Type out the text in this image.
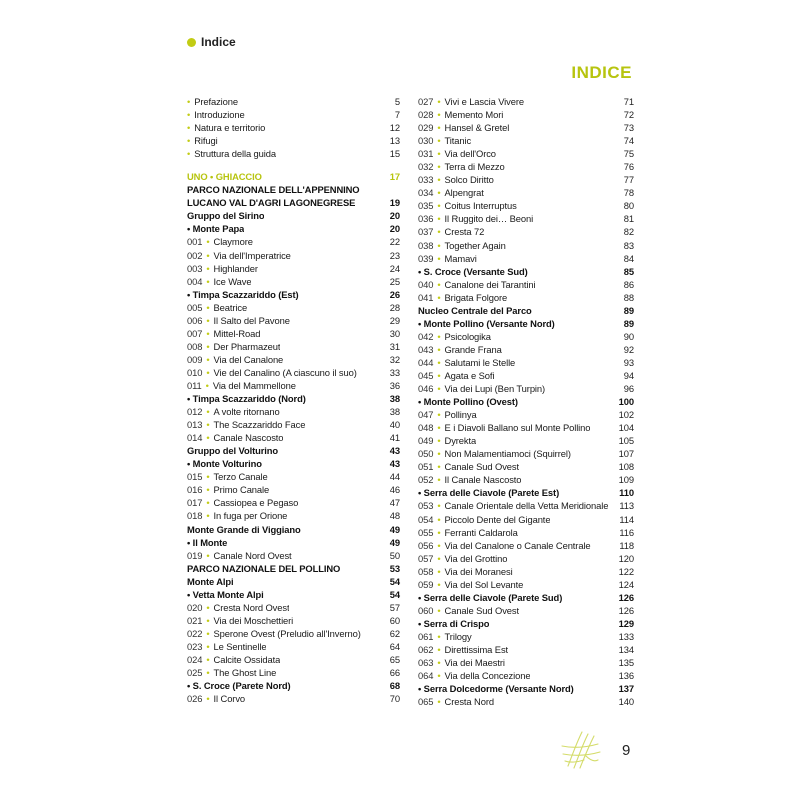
Indice
INDICE
• Prefazione	5
• Introduzione	7
• Natura e territorio	12
• Rifugi	13
• Struttura della guida	15
UNO • GHIACCIO	17
PARCO NAZIONALE DELL'APPENNINO
LUCANO VAL D'AGRI LAGONEGRESE	19
Gruppo del Sirino	20
• Monte Papa	20
001 • Claymore	22
002 • Via dell'Imperatrice	23
003 • Highlander	24
004 • Ice Wave	25
• Timpa Scazzariddo (Est)	26
005 • Beatrice	28
006 • Il Salto del Pavone	29
007 • Mittel-Road	30
008 • Der Pharmazeut	31
009 • Via del Canalone	32
010 • Vie del Canalino (A ciascuno il suo)	33
011 • Via del Mammellone	36
• Timpa Scazzariddo (Nord)	38
012 • A volte ritornano	38
013 • The Scazzariddo Face	40
014 • Canale Nascosto	41
Gruppo del Volturino	43
• Monte Volturino	43
015 • Terzo Canale	44
016 • Primo Canale	46
017 • Cassiopea e Pegaso	47
018 • In fuga per Orione	48
Monte Grande di Viggiano	49
• Il Monte	49
019 • Canale Nord Ovest	50
PARCO NAZIONALE DEL POLLINO	53
Monte Alpi	54
• Vetta Monte Alpi	54
020 • Cresta Nord Ovest	57
021 • Via dei Moschettieri	60
022 • Sperone Ovest (Preludio all'Inverno)	62
023 • Le Sentinelle	64
024 • Calcite Ossidata	65
025 • The Ghost Line	66
• S. Croce (Parete Nord)	68
026 • Il Corvo	70
027 • Vivi e Lascia Vivere	71
028 • Memento Mori	72
029 • Hansel & Gretel	73
030 • Titanic	74
031 • Via dell'Orco	75
032 • Terra di Mezzo	76
033 • Solco Diritto	77
034 • Alpengrat	78
035 • Coitus Interruptus	80
036 • Il Ruggito dei… Beoni	81
037 • Cresta 72	82
038 • Together Again	83
039 • Mamavi	84
• S. Croce (Versante Sud)	85
040 • Canalone dei Tarantini	86
041 • Brigata Folgore	88
Nucleo Centrale del Parco	89
• Monte Pollino (Versante Nord)	89
042 • Psicologika	90
043 • Grande Frana	92
044 • Salutami le Stelle	93
045 • Agata e Sofi	94
046 • Via dei Lupi (Ben Turpin)	96
• Monte Pollino (Ovest)	100
047 • Pollinya	102
048 • E i Diavoli Ballano sul Monte Pollino	104
049 • Dyrekta	105
050 • Non Malamentiamoci (Squirrel)	107
051 • Canale Sud Ovest	108
052 • Il Canale Nascosto	109
• Serra delle Ciavole (Parete Est)	110
053 • Canale Orientale della Vetta Meridionale	113
054 • Piccolo Dente del Gigante	114
055 • Ferranti Caldarola	116
056 • Via del Canalone o Canale Centrale	118
057 • Via del Grottino	120
058 • Via dei Moranesi	122
059 • Via del Sol Levante	124
• Serra delle Ciavole (Parete Sud)	126
060 • Canale Sud Ovest	126
• Serra di Crispo	129
061 • Trilogy	133
062 • Direttissima Est	134
063 • Via dei Maestri	135
064 • Via della Concezione	136
• Serra Dolcedorme (Versante Nord)	137
065 • Cresta Nord	140
9
